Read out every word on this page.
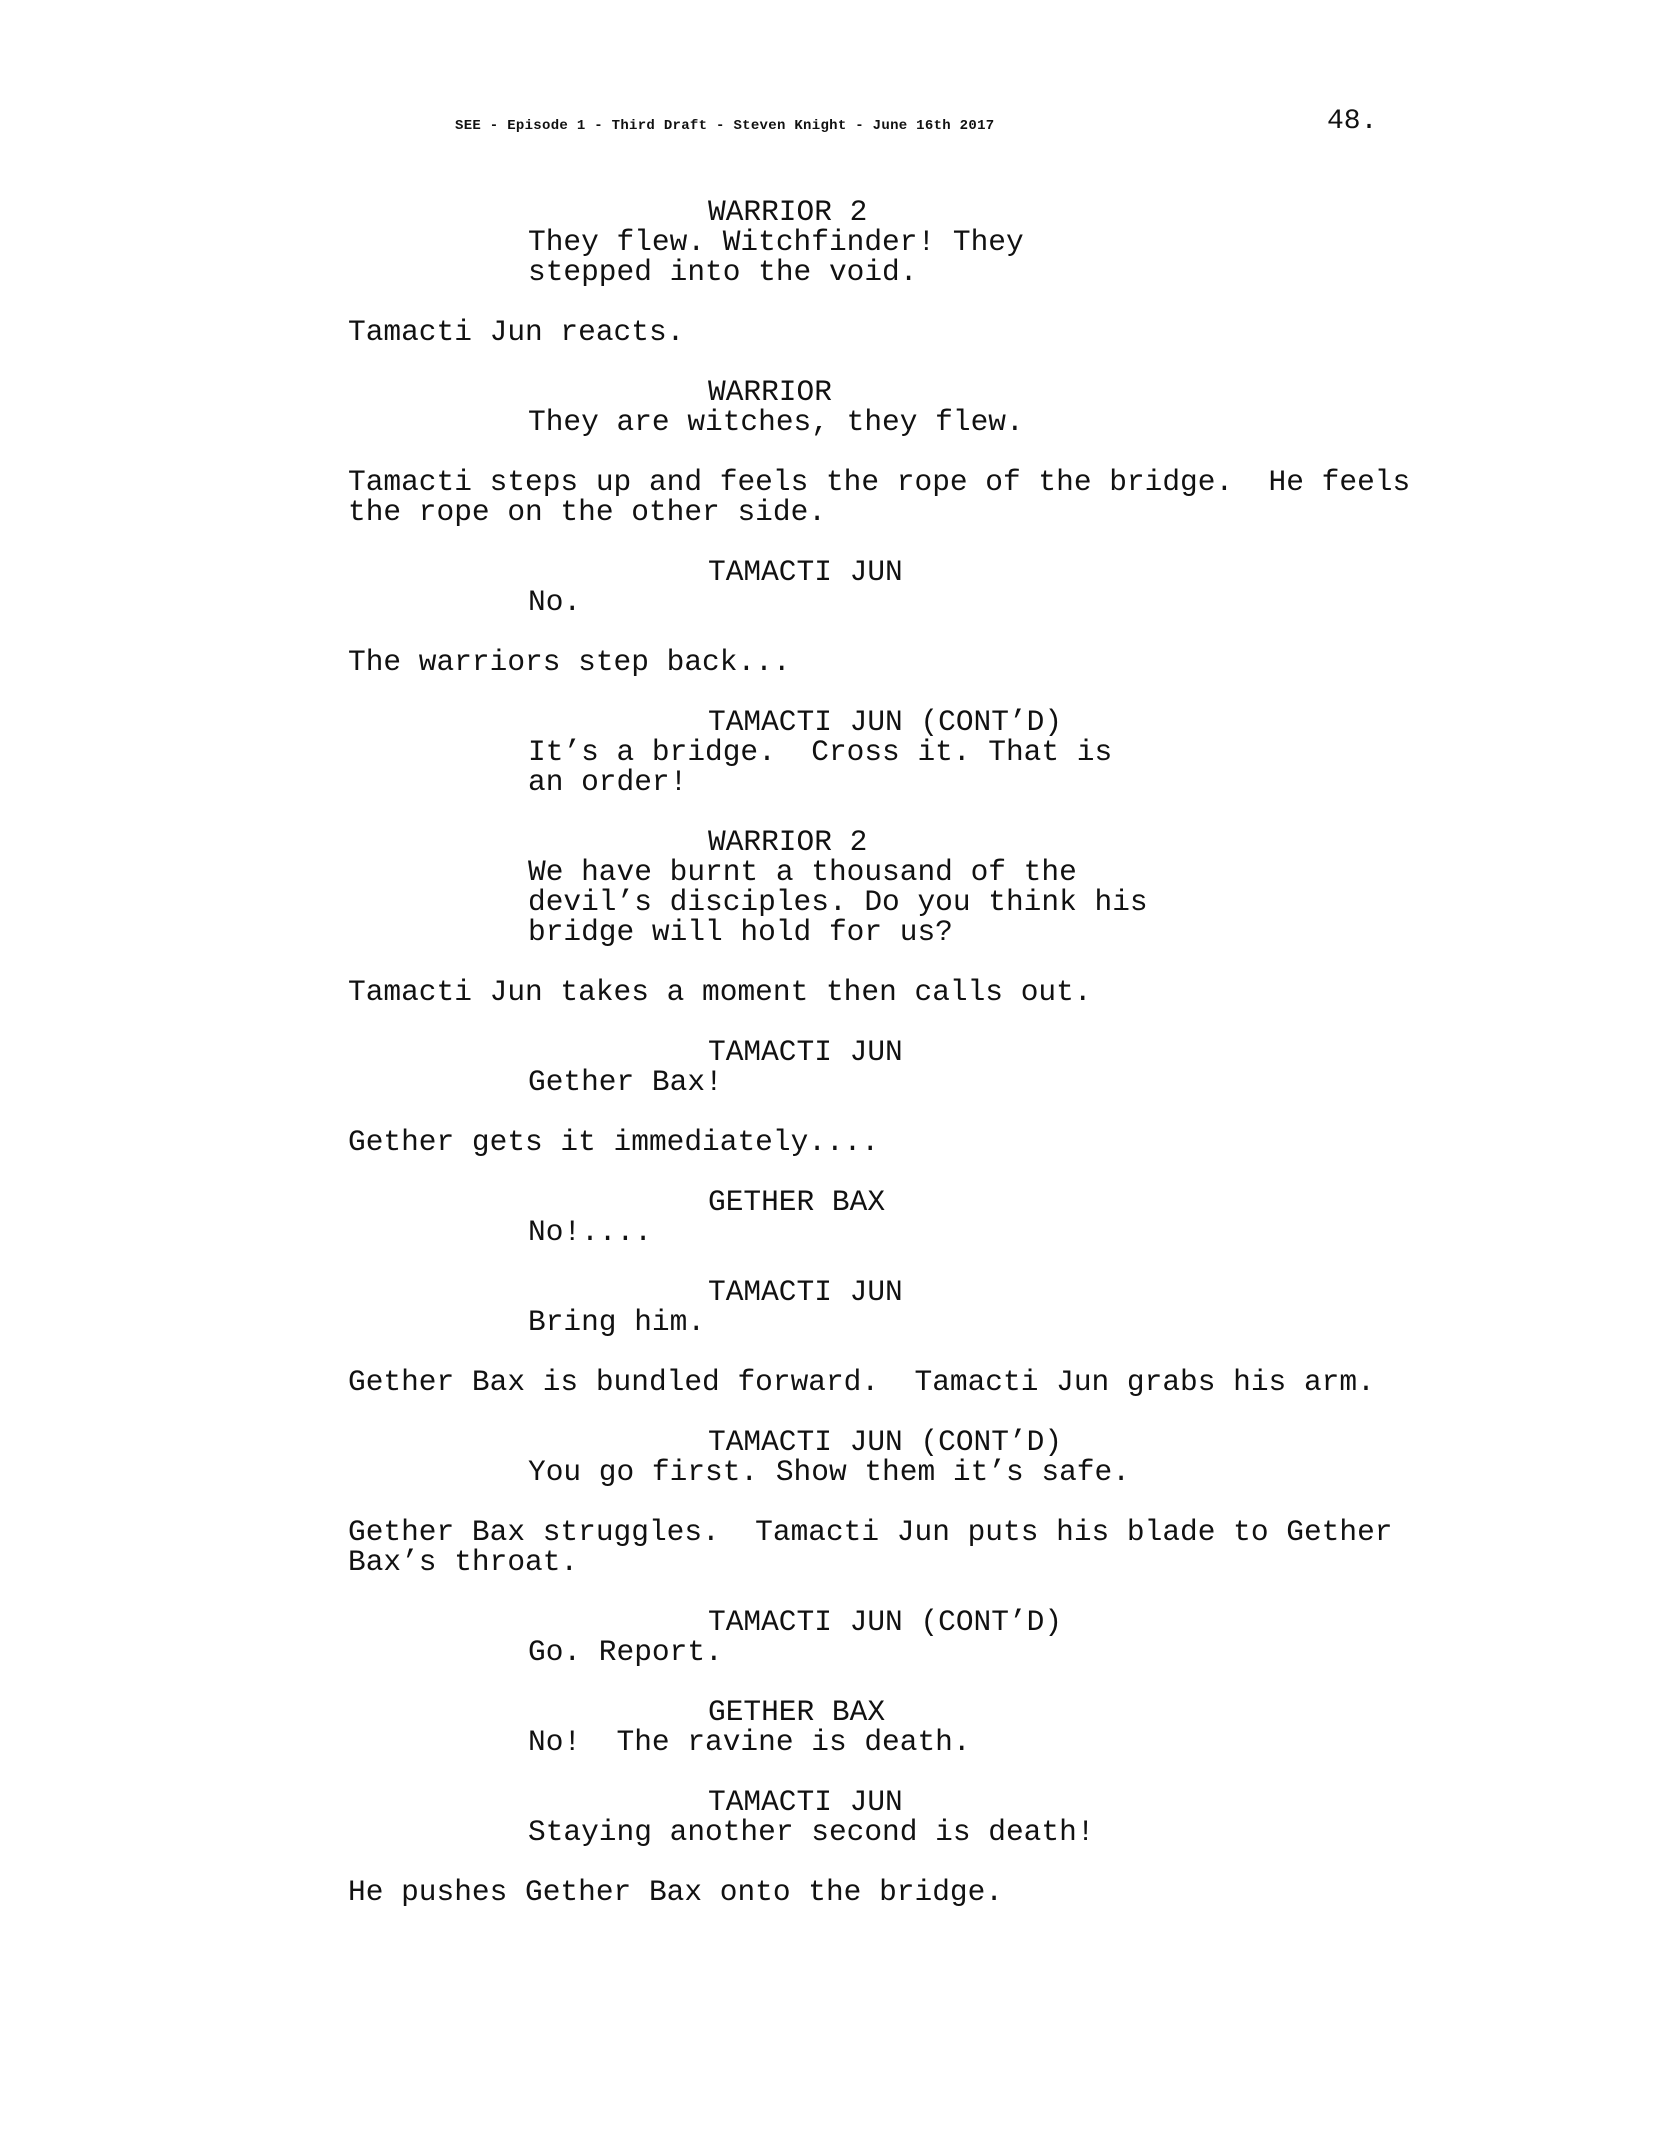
SEE - Episode 1 - Third Draft - Steven Knight - June 16th 2017	48.
WARRIOR 2
They flew. Witchfinder! They
stepped into the void.
Tamacti Jun reacts.
WARRIOR
They are witches, they flew.
Tamacti steps up and feels the rope of the bridge.  He feels
the rope on the other side.
TAMACTI JUN
No.
The warriors step back...
TAMACTI JUN (CONT’D)
It’s a bridge.  Cross it. That is
an order!
WARRIOR 2
We have burnt a thousand of the
devil’s disciples. Do you think his
bridge will hold for us?
Tamacti Jun takes a moment then calls out.
TAMACTI JUN
Gether Bax!
Gether gets it immediately....
GETHER BAX
No!....
TAMACTI JUN
Bring him.
Gether Bax is bundled forward.  Tamacti Jun grabs his arm.
TAMACTI JUN (CONT’D)
You go first. Show them it’s safe.
Gether Bax struggles.  Tamacti Jun puts his blade to Gether
Bax’s throat.
TAMACTI JUN (CONT’D)
Go. Report.
GETHER BAX
No!  The ravine is death.
TAMACTI JUN
Staying another second is death!
He pushes Gether Bax onto the bridge.
